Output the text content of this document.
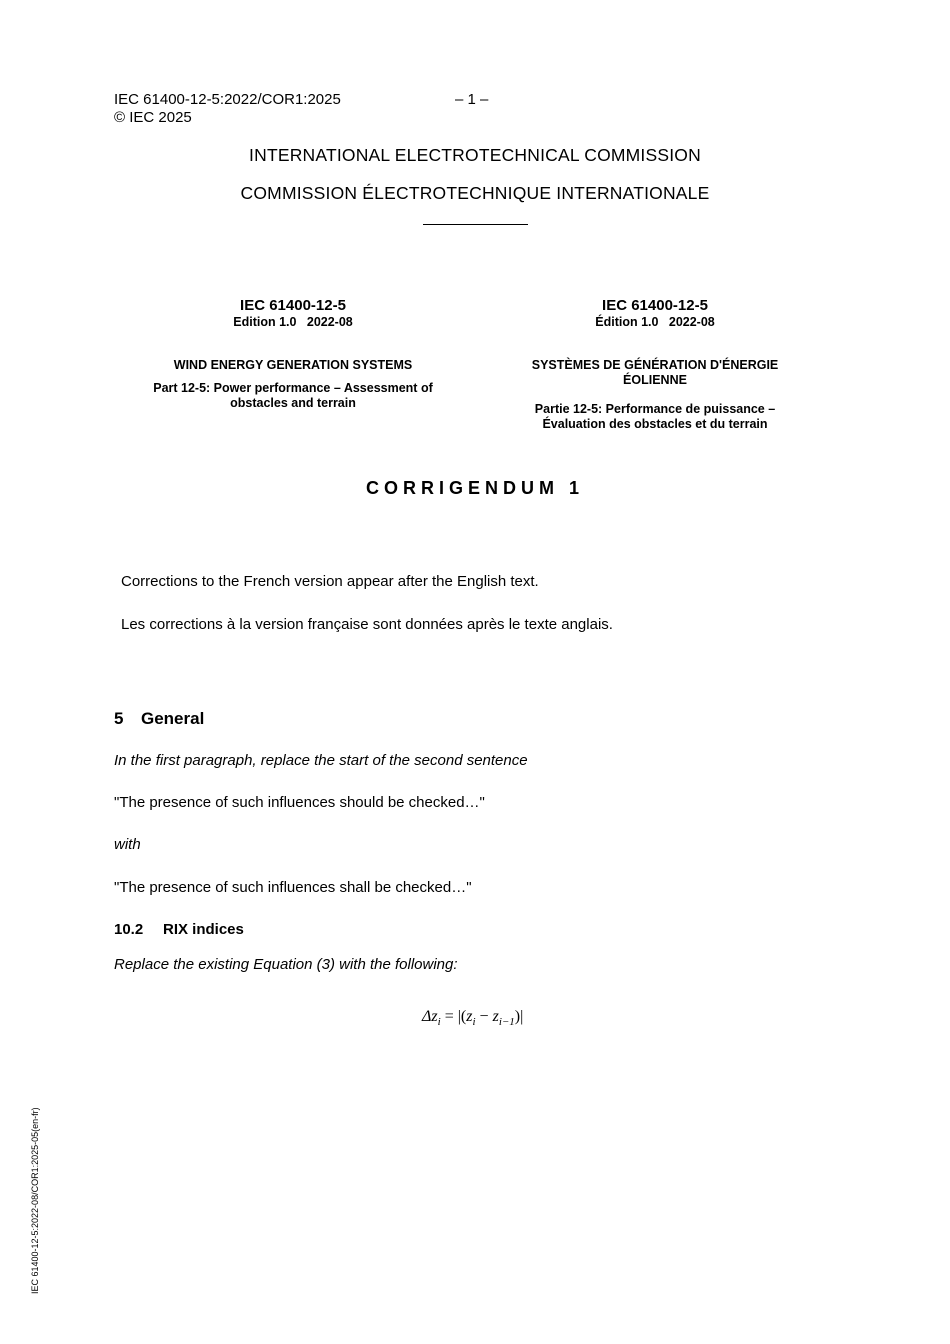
IEC 61400-12-5:2022/COR1:2025	– 1 –
© IEC 2025
INTERNATIONAL ELECTROTECHNICAL COMMISSION
COMMISSION ÉLECTROTECHNIQUE INTERNATIONALE
IEC 61400-12-5
Edition 1.0   2022-08
WIND ENERGY GENERATION SYSTEMS
Part 12-5: Power performance – Assessment of
obstacles and terrain
IEC 61400-12-5
Édition 1.0   2022-08
SYSTÈMES DE GÉNÉRATION D'ÉNERGIE
ÉOLIENNE
Partie 12-5: Performance de puissance –
Évaluation des obstacles et du terrain
CORRIGENDUM 1
Corrections to the French version appear after the English text.
Les corrections à la version française sont données après le texte anglais.
5 General
In the first paragraph, replace the start of the second sentence
"The presence of such influences should be checked…"
with
"The presence of such influences shall be checked…"
10.2 RIX indices
Replace the existing Equation (3) with the following:
$\Delta z_i = |(z_i - z_{i-1})|$
IEC 61400-12-5:2022-08/COR1:2025-05(en-fr)
